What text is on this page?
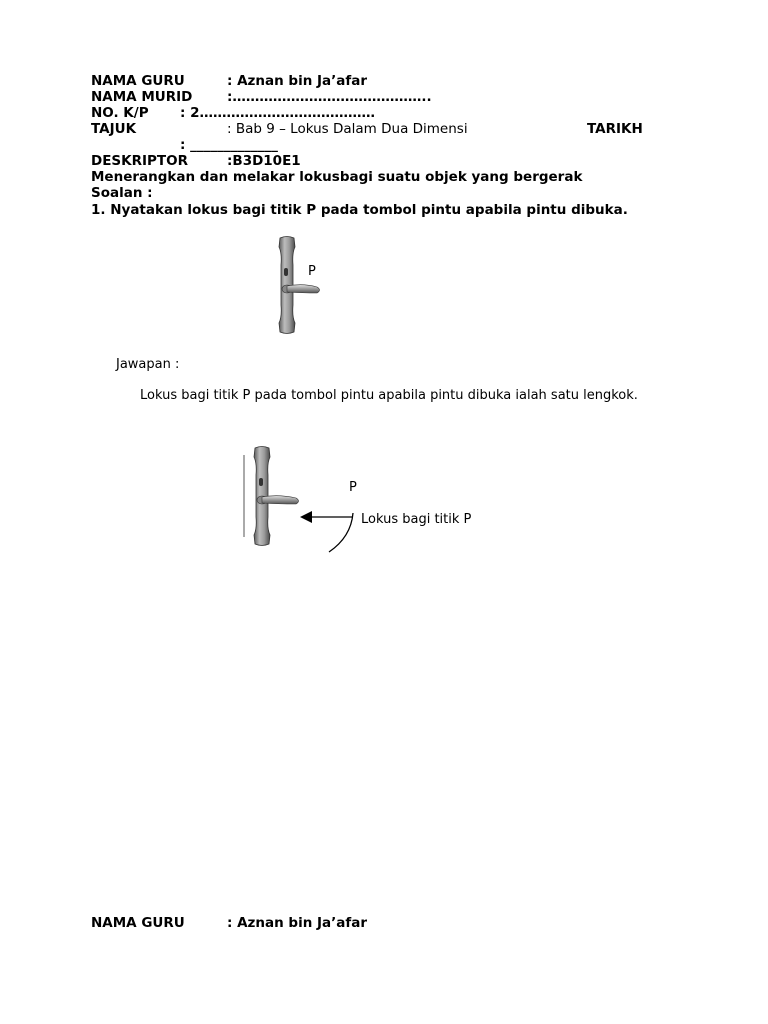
NAMA GURU	: Aznan bin Ja’afar
NAMA MURID	:……………………………………..
NO. K/P : 2…………………………………
TAJUK	: Bab 9 – Lokus Dalam Dua Dimensi	TARIKH
: _____________
DESKRIPTOR	:B3D10E1
Menerangkan dan melakar lokusbagi suatu objek yang bergerak
Soalan :
1. Nyatakan lokus bagi titik P pada tombol pintu apabila pintu dibuka.
P
Jawapan :
Lokus bagi titik P pada tombol pintu apabila pintu dibuka ialah satu lengkok.
P
Lokus bagi titik P
NAMA GURU	: Aznan bin Ja’afar
